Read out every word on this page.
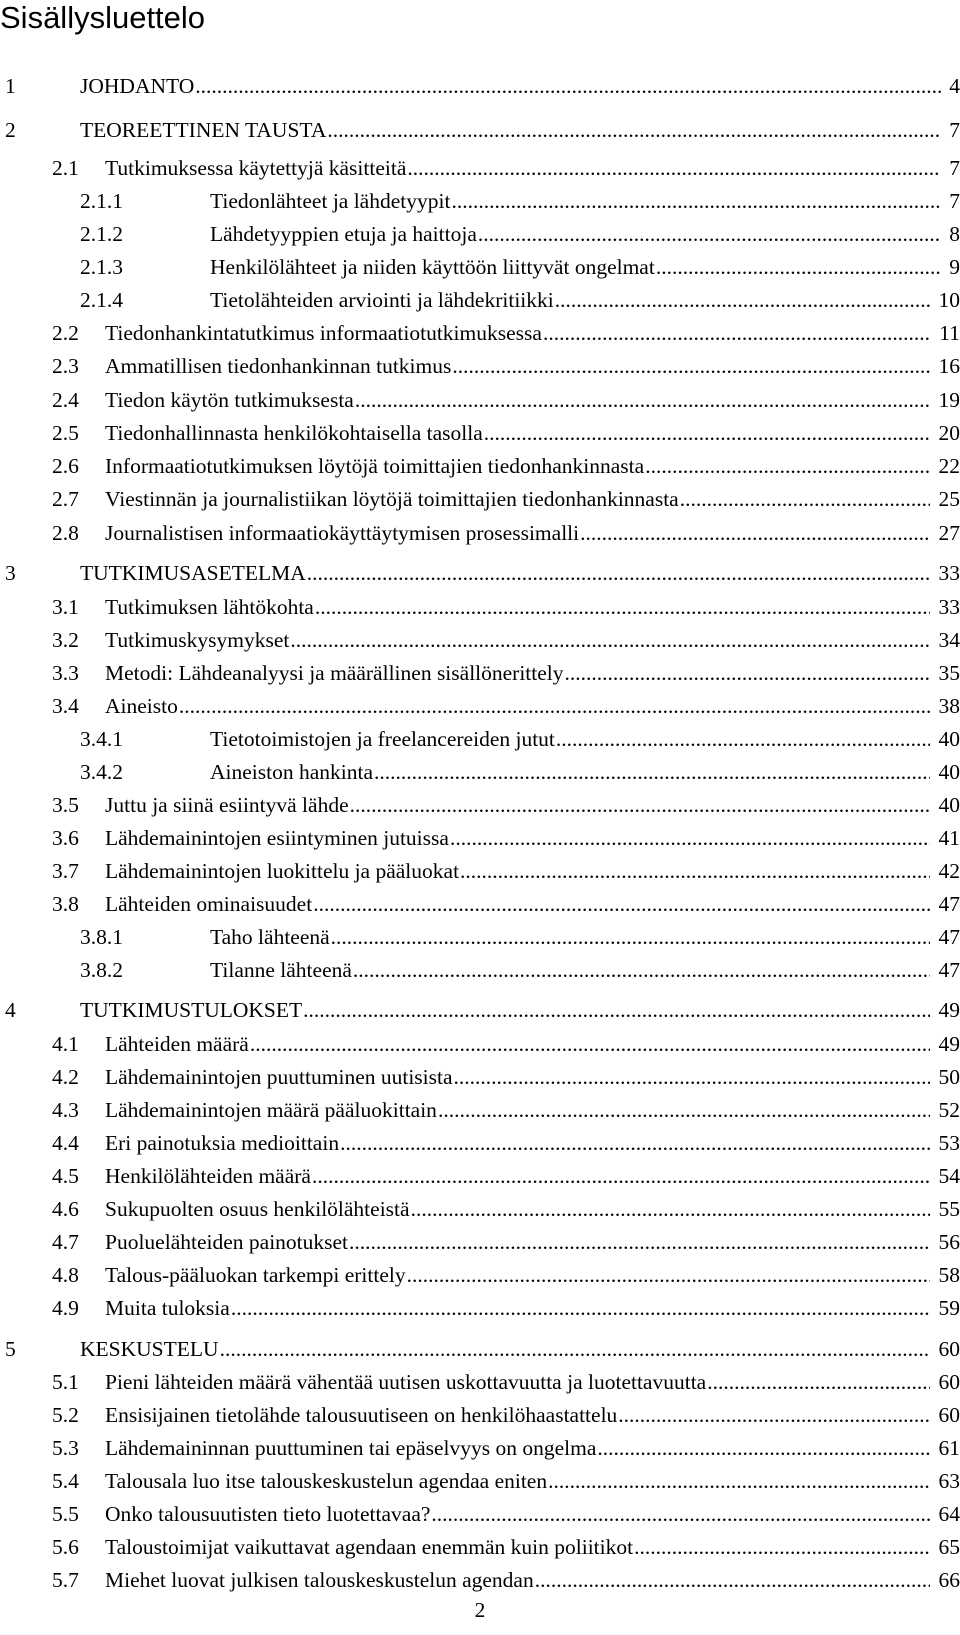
Sisällysluettelo
1	JOHDANTO .....	4
2	TEOREETTINEN TAUSTA .....	7
2.1 Tutkimuksessa käytettyjä käsitteitä .....	7
2.1.1	Tiedonlähteet ja lähdetyypit .....	7
2.1.2	Lähdetyyppien etuja ja haittoja .....	8
2.1.3	Henkilölähteet ja niiden käyttöön liittyvät ongelmat .....	9
2.1.4	Tietolähteiden arviointi ja lähdekritiikki .....	10
2.2 Tiedonhankintatutkimus informaatiotutkimuksessa .....	11
2.3 Ammatillisen tiedonhankinnan tutkimus .....	16
2.4 Tiedon käytön tutkimuksesta .....	19
2.5 Tiedonhallinnasta henkilökohtaisella tasolla .....	20
2.6 Informaatiotutkimuksen löytöjä toimittajien tiedonhankinnasta .....	22
2.7 Viestinnän ja journalistiikan löytöjä toimittajien tiedonhankinnasta .....	25
2.8 Journalistisen informaatiokäyttäytymisen prosessimalli .....	27
3	TUTKIMUSASETELMA .....	33
3.1 Tutkimuksen lähtökohta .....	33
3.2 Tutkimuskysymykset .....	34
3.3 Metodi: Lähdeanalyysi ja määrällinen sisällönerittely .....	35
3.4 Aineisto .....	38
3.4.1	Tietotoimistojen ja freelancereiden jutut .....	40
3.4.2	Aineiston hankinta .....	40
3.5 Juttu ja siinä esiintyvä lähde .....	40
3.6 Lähdemainintojen esiintyminen jutuissa .....	41
3.7 Lähdemainintojen luokittelu ja pääluokat .....	42
3.8 Lähteiden ominaisuudet .....	47
3.8.1	Taho lähteenä .....	47
3.8.2	Tilanne lähteenä .....	47
4	TUTKIMUSTULOKSET .....	49
4.1 Lähteiden määrä .....	49
4.2 Lähdemainintojen puuttuminen uutisista .....	50
4.3 Lähdemainintojen määrä pääluokittain .....	52
4.4 Eri painotuksia medioittain .....	53
4.5 Henkilölähteiden määrä .....	54
4.6 Sukupuolten osuus henkilölähteistä .....	55
4.7 Puoluelähteiden painotukset .....	56
4.8 Talous-pääluokan tarkempi erittely .....	58
4.9 Muita tuloksia .....	59
5	KESKUSTELU .....	60
5.1 Pieni lähteiden määrä vähentää uutisen uskottavuutta ja luotettavuutta .....	60
5.2 Ensisijainen tietolähde talousuutiseen on henkilöhaastattelu .....	60
5.3 Lähdemaininnan puuttuminen tai epäselvyys on ongelma .....	61
5.4 Talousala luo itse talouskeskustelun agendaa eniten .....	63
5.5 Onko talousuutisten tieto luotettavaa? .....	64
5.6 Taloustoimijat vaikuttavat agendaan enemmän kuin poliitikot .....	65
5.7 Miehet luovat julkisen talouskeskustelun agendan .....	66
2
